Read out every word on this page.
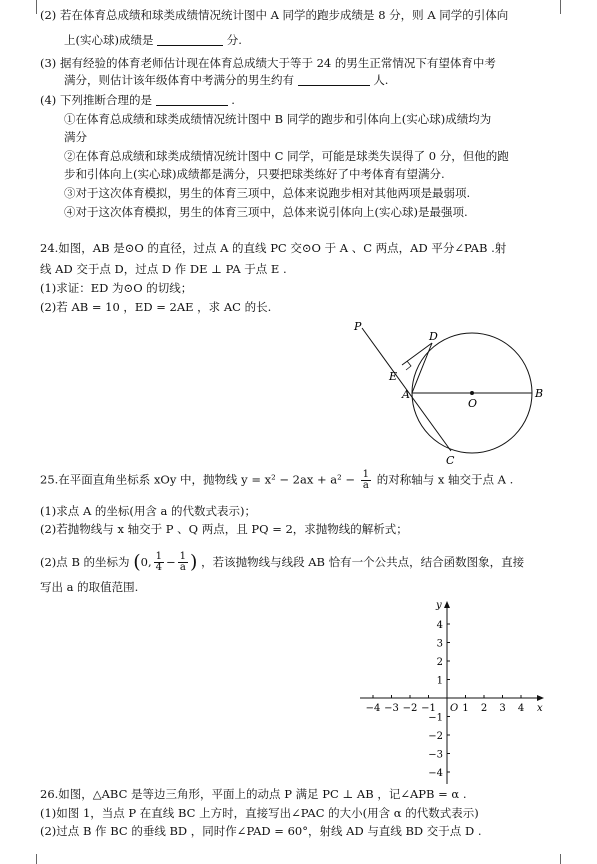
(2) 若在体育总成绩和球类成绩情况统计图中 A 同学的跑步成绩是 8 分，则 A 同学的引体向
上(实心球)成绩是	分.
(3) 据有经验的体育老师估计现在体育总成绩大于等于 24 的男生正常情况下有望体育中考
满分，则估计该年级体育中考满分的男生约有	人.
(4) 下列推断合理的是	.
①在体育总成绩和球类成绩情况统计图中 B 同学的跑步和引体向上(实心球)成绩均为
满分
②在体育总成绩和球类成绩情况统计图中 C 同学，可能是球类失误得了 0 分，但他的跑
步和引体向上(实心球)成绩都是满分，只要把球类练好了中考体育有望满分.
③对于这次体育模拟，男生的体育三项中，总体来说跑步相对其他两项是最弱项.
④对于这次体育模拟，男生的体育三项中，总体来说引体向上(实心球)是最强项.
24.如图，AB 是⊙O 的直径，过点 A 的直线 PC 交⊙O 于 A 、C 两点，AD 平分∠PAB .射
线 AD 交于点 D，过点 D 作 DE ⊥ PA 于点 E .
(1)求证：ED 为⊙O 的切线；
(2)若 AB = 10 ，ED = 2AE ，求 AC 的长.
P
D
E
A
O
B
C
25.在平面直角坐标系 xOy 中，抛物线 $y = x^2 - 2ax + a^2 - \frac{1}{a}$ 的对称轴与 x 轴交于点 A .
(1)求点 A 的坐标(用含 a 的代数式表示)；
(2)若抛物线与 x 轴交于 P 、Q 两点，且 PQ = 2，求抛物线的解析式；
(2)点 B 的坐标为 (0, $\frac{1}{4} - \frac{1}{a}$ ) ，若该抛物线与线段 AB 恰有一个公共点，结合函数图象，直接
写出 a 的取值范围.
−4 −3 −2 −1	1 2 3 4
4
3
2
1
−1
−2
−3
−4
O	x
y
26.如图，△ABC 是等边三角形，平面上的动点 P 满足 PC ⊥ AB ，记∠APB = α .
(1)如图 1，当点 P 在直线 BC 上方时，直接写出∠PAC 的大小(用含 α 的代数式表示)
(2)过点 B 作 BC 的垂线 BD ，同时作∠PAD = 60°，射线 AD 与直线 BD 交于点 D .
